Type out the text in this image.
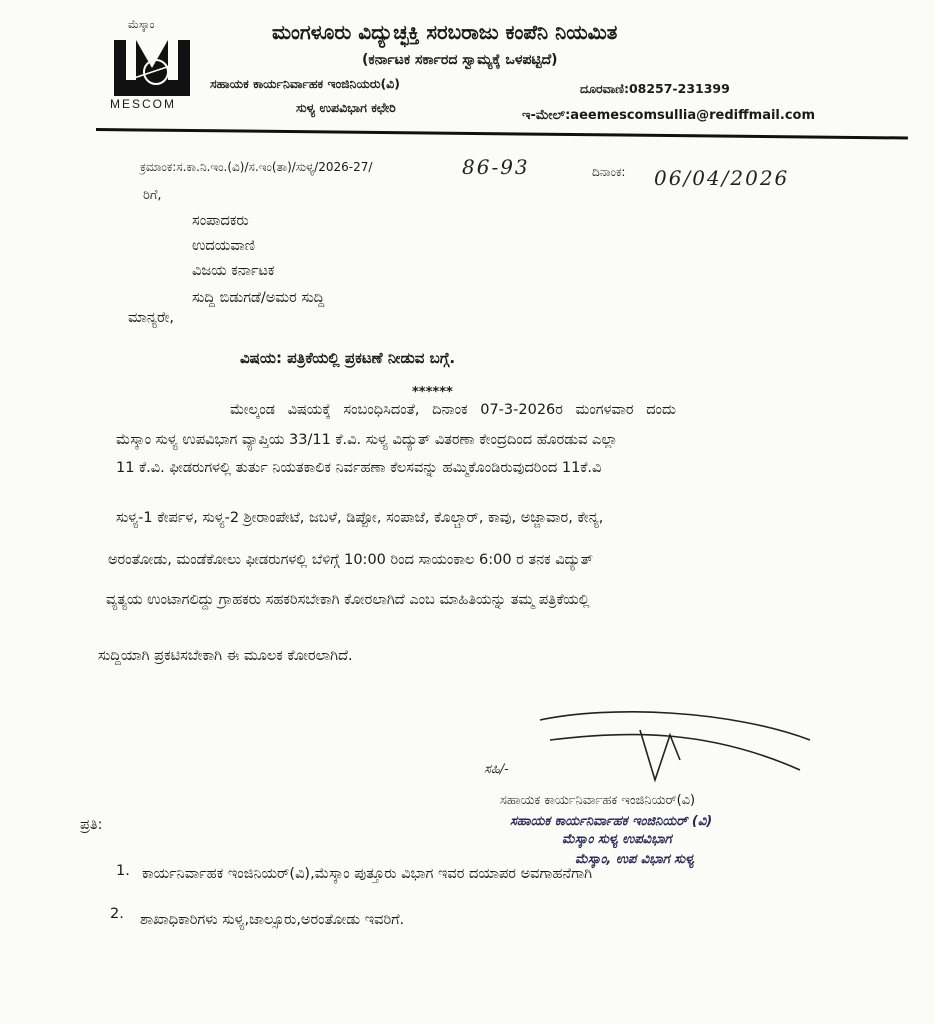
ಮೆಸ್ಕಾಂ
MESCOM
ಮಂಗಳೂರು ವಿದ್ಯುಚ್ಛಕ್ತಿ ಸರಬರಾಜು ಕಂಪೆನಿ ನಿಯಮಿತ
(ಕರ್ನಾಟಕ ಸರ್ಕಾರದ ಸ್ವಾಮ್ಯಕ್ಕೆ ಒಳಪಟ್ಟಿದೆ)
ಸಹಾಯಕ ಕಾರ್ಯನಿರ್ವಾಹಕ ಇಂಜಿನಿಯರು(ವಿ)
ಸುಳ್ಯ ಉಪವಿಭಾಗ ಕಛೇರಿ
ದೂರವಾಣಿ:08257-231399
ಇ-ಮೇಲ್:aeemescomsullia@rediffmail.com
ಕ್ರಮಾಂಕ:ಸ.ಕಾ.ನಿ.ಇಂ.(ವಿ)/ಸ.ಇಂ(ತಾ)/ಸುಳ್ಯ/2026-27/	86-93	ದಿನಾಂಕ: 06/04/2026
ರಿಗೆ,
ಸಂಪಾದಕರು
ಉದಯವಾಣಿ
ವಿಜಯ ಕರ್ನಾಟಕ
ಸುದ್ದಿ ಬಿಡುಗಡೆ/ಅಮರ ಸುದ್ದಿ
ಮಾನ್ಯರೇ,
ವಿಷಯ: ಪತ್ರಿಕೆಯಲ್ಲಿ ಪ್ರಕಟಣೆ ನೀಡುವ ಬಗ್ಗೆ.
******
ಮೇಲ್ಕಂಡ ವಿಷಯಕ್ಕೆ ಸಂಬಂಧಿಸಿದಂತೆ, ದಿನಾಂಕ 07-3-2026ರ ಮಂಗಳವಾರ ದಂದು
ಮೆಸ್ಕಾಂ ಸುಳ್ಯ ಉಪವಿಭಾಗ ವ್ಯಾಪ್ತಿಯ 33/11 ಕೆ.ವಿ. ಸುಳ್ಯ ವಿದ್ಯುತ್ ವಿತರಣಾ ಕೇಂದ್ರದಿಂದ ಹೊರಡುವ ಎಲ್ಲಾ
11 ಕೆ.ವಿ. ಫೀಡರುಗಳಲ್ಲಿ ತುರ್ತು ನಿಯತಕಾಲಿಕ ನಿರ್ವಹಣಾ ಕೆಲಸವನ್ನು ಹಮ್ಮಿಕೊಂಡಿರುವುದರಿಂದ 11ಕೆ.ವಿ
ಸುಳ್ಯ-1 ಕೇರ್ಪಳ, ಸುಳ್ಯ-2 ಶ್ರೀರಾಂಪೇಟೆ, ಜಬಳೆ, ಡಿಪ್ಪೋ, ಸಂಪಾಜೆ, ಕೊಲ್ಚಾರ್, ಕಾವು, ಅಜ್ಜಾವಾರ, ಕೇನ್ಯ,
ಅರಂತೋಡು, ಮಂಡೆಕೋಲು ಫೀಡರುಗಳಲ್ಲಿ ಬೆಳಿಗ್ಗೆ 10:00 ರಿಂದ ಸಾಯಂಕಾಲ 6:00 ರ ತನಕ ವಿದ್ಯುತ್
ವ್ಯತ್ಯಯ ಉಂಟಾಗಲಿದ್ದು ಗ್ರಾಹಕರು ಸಹಕರಿಸಬೇಕಾಗಿ ಕೋರಲಾಗಿದೆ ಎಂಬ ಮಾಹಿತಿಯನ್ನು ತಮ್ಮ ಪತ್ರಿಕೆಯಲ್ಲಿ
ಸುದ್ದಿಯಾಗಿ ಪ್ರಕಟಿಸಬೇಕಾಗಿ ಈ ಮೂಲಕ ಕೋರಲಾಗಿದೆ.
ಸಹಿ/-
ಸಹಾಯಕ ಕಾರ್ಯನಿರ್ವಾಹಕ ಇಂಜಿನಿಯರ್(ವಿ)
ಸಹಾಯಕ ಕಾರ್ಯನಿರ್ವಾಹಕ ಇಂಜಿನಿಯರ್ (ವಿ)
ಮೆಸ್ಕಾಂ ಸುಳ್ಯ ಉಪವಿಭಾಗ
ಮೆಸ್ಕಾಂ, ಉಪ ವಿಭಾಗ ಸುಳ್ಯ
ಪ್ರತಿ:
1. ಕಾರ್ಯನಿರ್ವಾಹಕ ಇಂಜಿನಿಯರ್(ವಿ),ಮೆಸ್ಕಾಂ ಪುತ್ತೂರು ವಿಭಾಗ ಇವರ ದಯಾಪರ ಅವಗಾಹನೆಗಾಗಿ
2. ಶಾಖಾಧಿಕಾರಿಗಳು ಸುಳ್ಯ,ಜಾಲ್ಸೂರು,ಅರಂತೋಡು ಇವರಿಗೆ.
